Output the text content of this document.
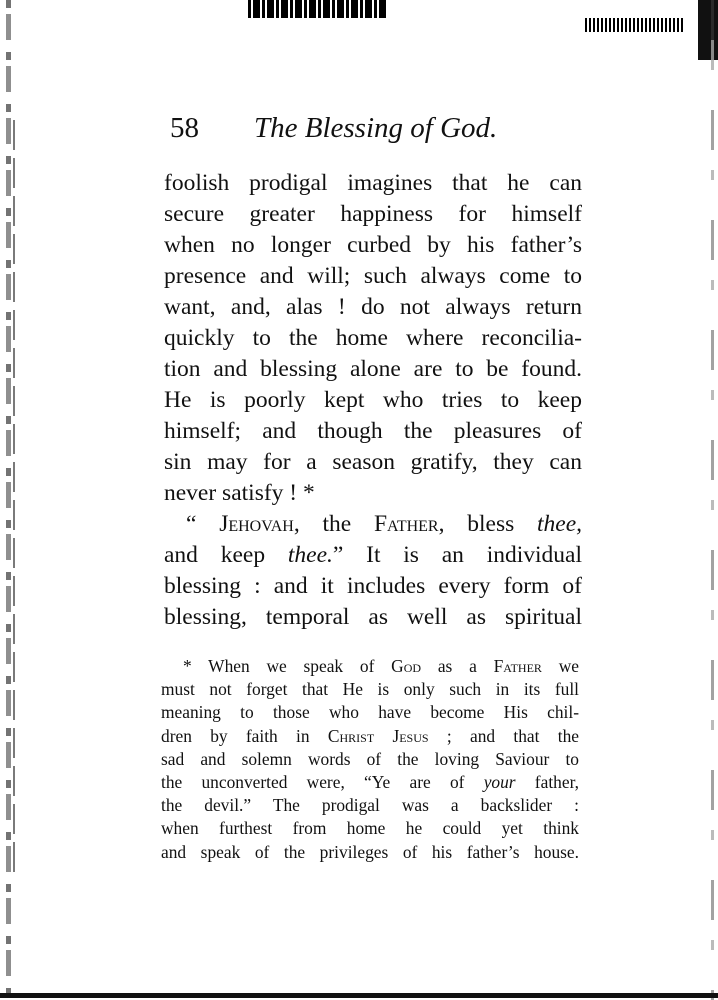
58 The Blessing of God.
foolish prodigal imagines that he can
secure greater happiness for himself
when no longer curbed by his father’s
presence and will; such always come to
want, and, alas ! do not always return
quickly to the home where reconcilia-
tion and blessing alone are to be found.
He is poorly kept who tries to keep
himself; and though the pleasures of
sin may for a season gratify, they can
never satisfy ! *
“ Jehovah, the Father, bless thee,
and keep thee.” It is an individual
blessing : and it includes every form of
blessing, temporal as well as spiritual
* When we speak of God as a Father we
must not forget that He is only such in its full
meaning to those who have become His chil-
dren by faith in Christ Jesus ; and that the
sad and solemn words of the loving Saviour to
the unconverted were, “Ye are of your father,
the devil.” The prodigal was a backslider :
when furthest from home he could yet think
and speak of the privileges of his father’s house.
